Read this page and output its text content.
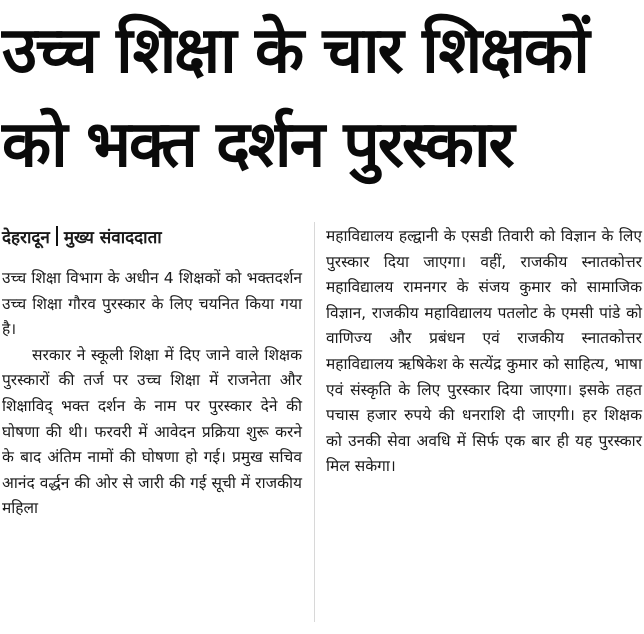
उच्च शिक्षा के चार शिक्षकों
को भक्त दर्शन पुरस्कार
देहरादून मुख्य संवाददाता
उच्च शिक्षा विभाग के अधीन 4 शिक्षकों को भक्तदर्शन उच्च शिक्षा गौरव पुरस्कार के लिए चयनित किया गया है।
सरकार ने स्कूली शिक्षा में दिए जाने वाले शिक्षक पुरस्कारों की तर्ज पर उच्च शिक्षा में राजनेता और शिक्षाविद् भक्त दर्शन के नाम पर पुरस्कार देने की घोषणा की थी। फरवरी में आवेदन प्रक्रिया शुरू करने के बाद अंतिम नामों की घोषणा हो गई। प्रमुख सचिव आनंद वर्द्धन की ओर से जारी की गई सूची में राजकीय महिला
महाविद्यालय हल्द्वानी के एसडी तिवारी को विज्ञान के लिए पुरस्कार दिया जाएगा। वहीं, राजकीय स्नातकोत्तर महाविद्यालय रामनगर के संजय कुमार को सामाजिक विज्ञान, राजकीय महाविद्यालय पतलोट के एमसी पांडे को वाणिज्य और प्रबंधन एवं राजकीय स्नातकोत्तर महाविद्यालय ऋषिकेश के सत्येंद्र कुमार को साहित्य, भाषा एवं संस्कृति के लिए पुरस्कार दिया जाएगा। इसके तहत पचास हजार रुपये की धनराशि दी जाएगी। हर शिक्षक को उनकी सेवा अवधि में सिर्फ एक बार ही यह पुरस्कार मिल सकेगा।
